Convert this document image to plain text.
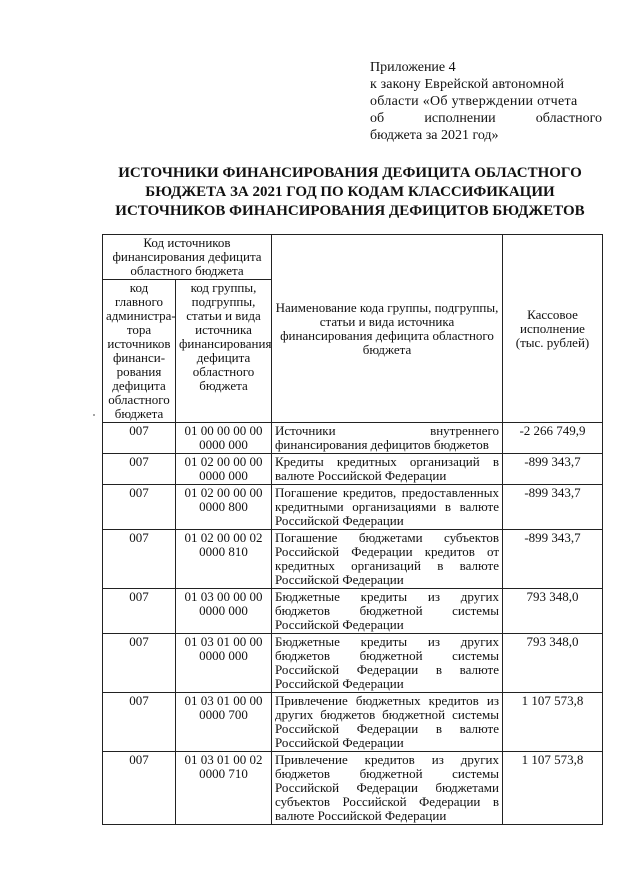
Приложение 4
к закону Еврейской автономной
области «Об утверждении отчета
об исполнении областного
бюджета за 2021 год»
ИСТОЧНИКИ ФИНАНСИРОВАНИЯ ДЕФИЦИТА ОБЛАСТНОГО
БЮДЖЕТА ЗА 2021 ГОД ПО КОДАМ КЛАССИФИКАЦИИ
ИСТОЧНИКОВ ФИНАНСИРОВАНИЯ ДЕФИЦИТОВ БЮДЖЕТОВ
Код источников финансирования дефицита областного бюджета		Наименование кода группы, подгруппы, статьи и вида источника финансирования дефицита областного бюджета	Кассовое исполнение (тыс. рублей)
код главного администра-тора источников финанси-рования дефицита областного бюджета	код группы, подгруппы, статьи и вида источника финансирования дефицита областного бюджета		
007	01 00 00 00 00 0000 000	Источники внутреннего финансирования дефицитов бюджетов	-2 266 749,9
007	01 02 00 00 00 0000 000	Кредиты кредитных организаций в валюте Российской Федерации	-899 343,7
007	01 02 00 00 00 0000 800	Погашение кредитов, предоставленных кредитными организациями в валюте Российской Федерации	-899 343,7
007	01 02 00 00 02 0000 810	Погашение бюджетами субъектов Российской Федерации кредитов от кредитных организаций в валюте Российской Федерации	-899 343,7
007	01 03 00 00 00 0000 000	Бюджетные кредиты из других бюджетов бюджетной системы Российской Федерации	793 348,0
007	01 03 01 00 00 0000 000	Бюджетные кредиты из других бюджетов бюджетной системы Российской Федерации в валюте Российской Федерации	793 348,0
007	01 03 01 00 00 0000 700	Привлечение бюджетных кредитов из других бюджетов бюджетной системы Российской Федерации в валюте Российской Федерации	1 107 573,8
007	01 03 01 00 02 0000 710	Привлечение кредитов из других бюджетов бюджетной системы Российской Федерации бюджетами субъектов Российской Федерации в валюте Российской Федерации	1 107 573,8
